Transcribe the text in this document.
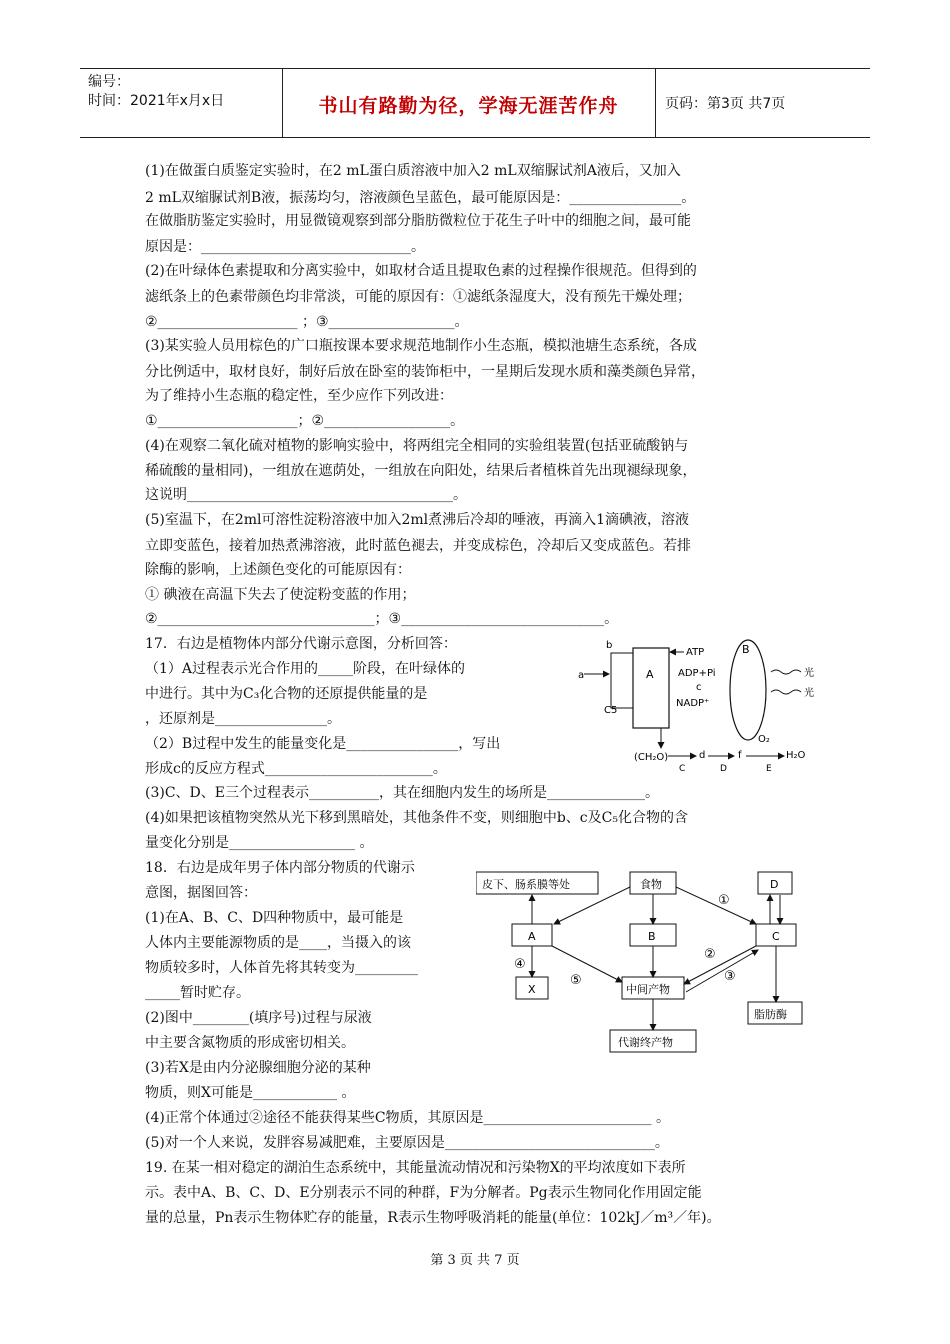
编号：
时间：2021年x月x日	书山有路勤为径，学海无涯苦作舟	页码：第3页 共7页
(1)在做蛋白质鉴定实验时，在2 mL蛋白质溶液中加入2 mL双缩脲试剂A液后，又加入
2 mL双缩脲试剂B液，振荡均匀，溶液颜色呈蓝色，最可能原因是：________________。
在做脂肪鉴定实验时，用显微镜观察到部分脂肪微粒位于花生子叶中的细胞之间，最可能
原因是：______________________________。
(2)在叶绿体色素提取和分离实验中，如取材合适且提取色素的过程操作很规范。但得到的
滤纸条上的色素带颜色均非常淡，可能的原因有：①滤纸条湿度大，没有预先干燥处理；
②____________________ ；③__________________。
(3)某实验人员用棕色的广口瓶按课本要求规范地制作小生态瓶，模拟池塘生态系统，各成
分比例适中，取材良好，制好后放在卧室的装饰柜中，一星期后发现水质和藻类颜色异常，
为了维持小生态瓶的稳定性，至少应作下列改进：
①____________________；②__________________。
(4)在观察二氧化硫对植物的影响实验中，将两组完全相同的实验组装置(包括亚硫酸钠与
稀硫酸的量相同)，一组放在遮荫处，一组放在向阳处，结果后者植株首先出现褪绿现象，
这说明______________________________________。
(5)室温下，在2ml可溶性淀粉溶液中加入2ml煮沸后冷却的唾液，再滴入1滴碘液，溶液
立即变蓝色，接着加热煮沸溶液，此时蓝色褪去，并变成棕色，冷却后又变成蓝色。若排
除酶的影响，上述颜色变化的可能原因有：
① 碘液在高温下失去了使淀粉变蓝的作用；
②_______________________________；③_____________________________。
17．右边是植物体内部分代谢示意图，分析回答：
（1）A过程表示光合作用的_____阶段，在叶绿体的
中进行。其中为C₃化合物的还原提供能量的是
，还原剂是________________。
（2）B过程中发生的能量变化是________________，写出
形成c的反应方程式________________________。
(3)C、D、E三个过程表示__________，其在细胞内发生的场所是______________。
(4)如果把该植物突然从光下移到黑暗处，其他条件不变，则细胞中b、c及C₅化合物的含
量变化分别是__________________ 。
18．右边是成年男子体内部分物质的代谢示
意图，据图回答：
(1)在A、B、C、D四种物质中，最可能是
人体内主要能源物质的是____，当摄入的该
物质较多时，人体首先将其转变为_________
_____暂时贮存。
(2)图中________(填序号)过程与尿液
中主要含氮物质的形成密切相关。
(3)若X是由内分泌腺细胞分泌的某种
物质，则X可能是____________ 。
(4)正常个体通过②途径不能获得某些C物质，其原因是________________________ 。
(5)对一个人来说，发胖容易减肥难，主要原因是______________________________。
19. 在某一相对稳定的湖泊生态系统中，其能量流动情况和污染物X的平均浓度如下表所
示。表中A、B、C、D、E分别表示不同的种群，F为分解者。Pg表示生物同化作用固定能
量的总量，Pn表示生物体贮存的能量，R表示生物呼吸消耗的能量(单位：102kJ／m³／年)。
A
b
a
C5
ATP
ADP+Pi
c
NADP⁺
B
光
光
(CH₂O)
C
d
D
f
O₂
E
H₂O
皮下、肠系膜等处	食物	D
A	B	C
X	中间产物
脂肪酶
代谢终产物
①
②
③
④
⑤
第 3 页 共 7 页
